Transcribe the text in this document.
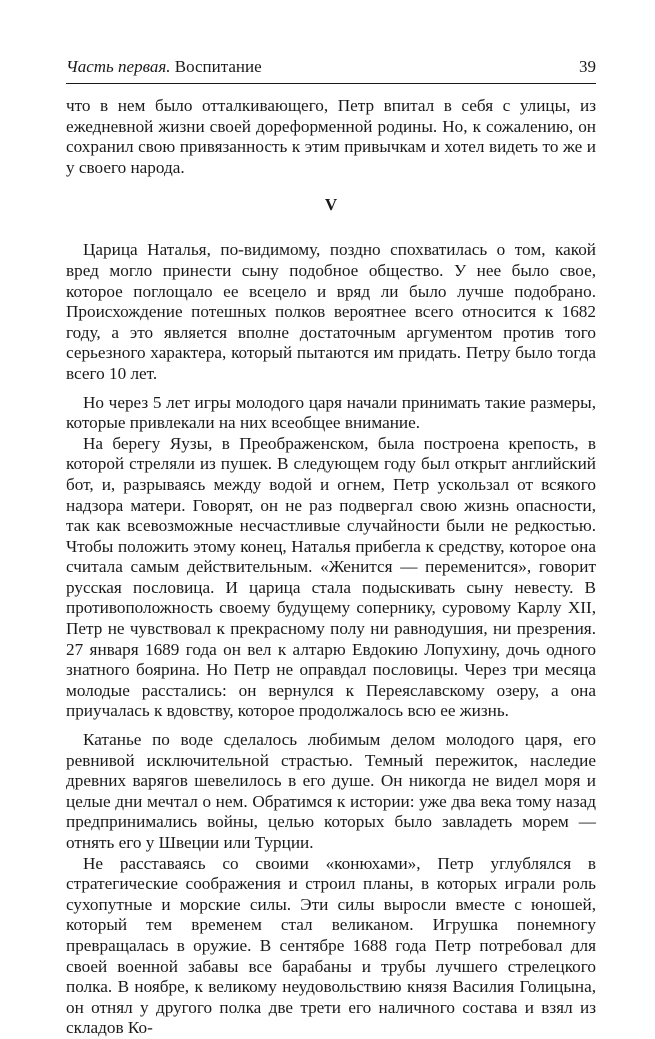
Часть первая. Воспитание	39

что в нем было отталкивающего, Петр впитал в себя с улицы, из ежедневной жизни своей дореформенной родины. Но, к сожалению, он сохранил свою привязанность к этим привычкам и хотел видеть то же и у своего народа.

V

Царица Наталья, по-видимому, поздно спохватилась о том, какой вред могло принести сыну подобное общество. У нее было свое, которое поглощало ее всецело и вряд ли было лучше подобрано. Происхождение потешных полков вероятнее всего относится к 1682 году, а это является вполне достаточным аргументом против того серьезного характера, который пытаются им придать. Петру было тогда всего 10 лет.

Но через 5 лет игры молодого царя начали принимать такие размеры, которые привлекали на них всеобщее внимание.

На берегу Яузы, в Преображенском, была построена крепость, в которой стреляли из пушек. В следующем году был открыт английский бот, и, разрываясь между водой и огнем, Петр ускользал от всякого надзора матери. Говорят, он не раз подвергал свою жизнь опасности, так как всевозможные несчастливые случайности были не редкостью. Чтобы положить этому конец, Наталья прибегла к средству, которое она считала самым действительным. «Женится — переменится», говорит русская пословица. И царица стала подыскивать сыну невесту. В противоположность своему будущему сопернику, суровому Карлу XII, Петр не чувствовал к прекрасному полу ни равнодушия, ни презрения. 27 января 1689 года он вел к алтарю Евдокию Лопухину, дочь одного знатного боярина. Но Петр не оправдал пословицы. Через три месяца молодые расстались: он вернулся к Переяславскому озеру, а она приучалась к вдовству, которое продолжалось всю ее жизнь.

Катанье по воде сделалось любимым делом молодого царя, его ревнивой исключительной страстью. Темный пережиток, наследие древних варягов шевелилось в его душе. Он никогда не видел моря и целые дни мечтал о нем. Обратимся к истории: уже два века тому назад предпринимались войны, целью которых было завладеть морем — отнять его у Швеции или Турции.

Не расставаясь со своими «конюхами», Петр углублялся в стратегические соображения и строил планы, в которых играли роль сухопутные и морские силы. Эти силы выросли вместе с юношей, который тем временем стал великаном. Игрушка понемногу превращалась в оружие. В сентябре 1688 года Петр потребовал для своей военной забавы все барабаны и трубы лучшего стрелецкого полка. В ноябре, к великому неудовольствию князя Василия Голицына, он отнял у другого полка две трети его наличного состава и взял из складов Ко-
